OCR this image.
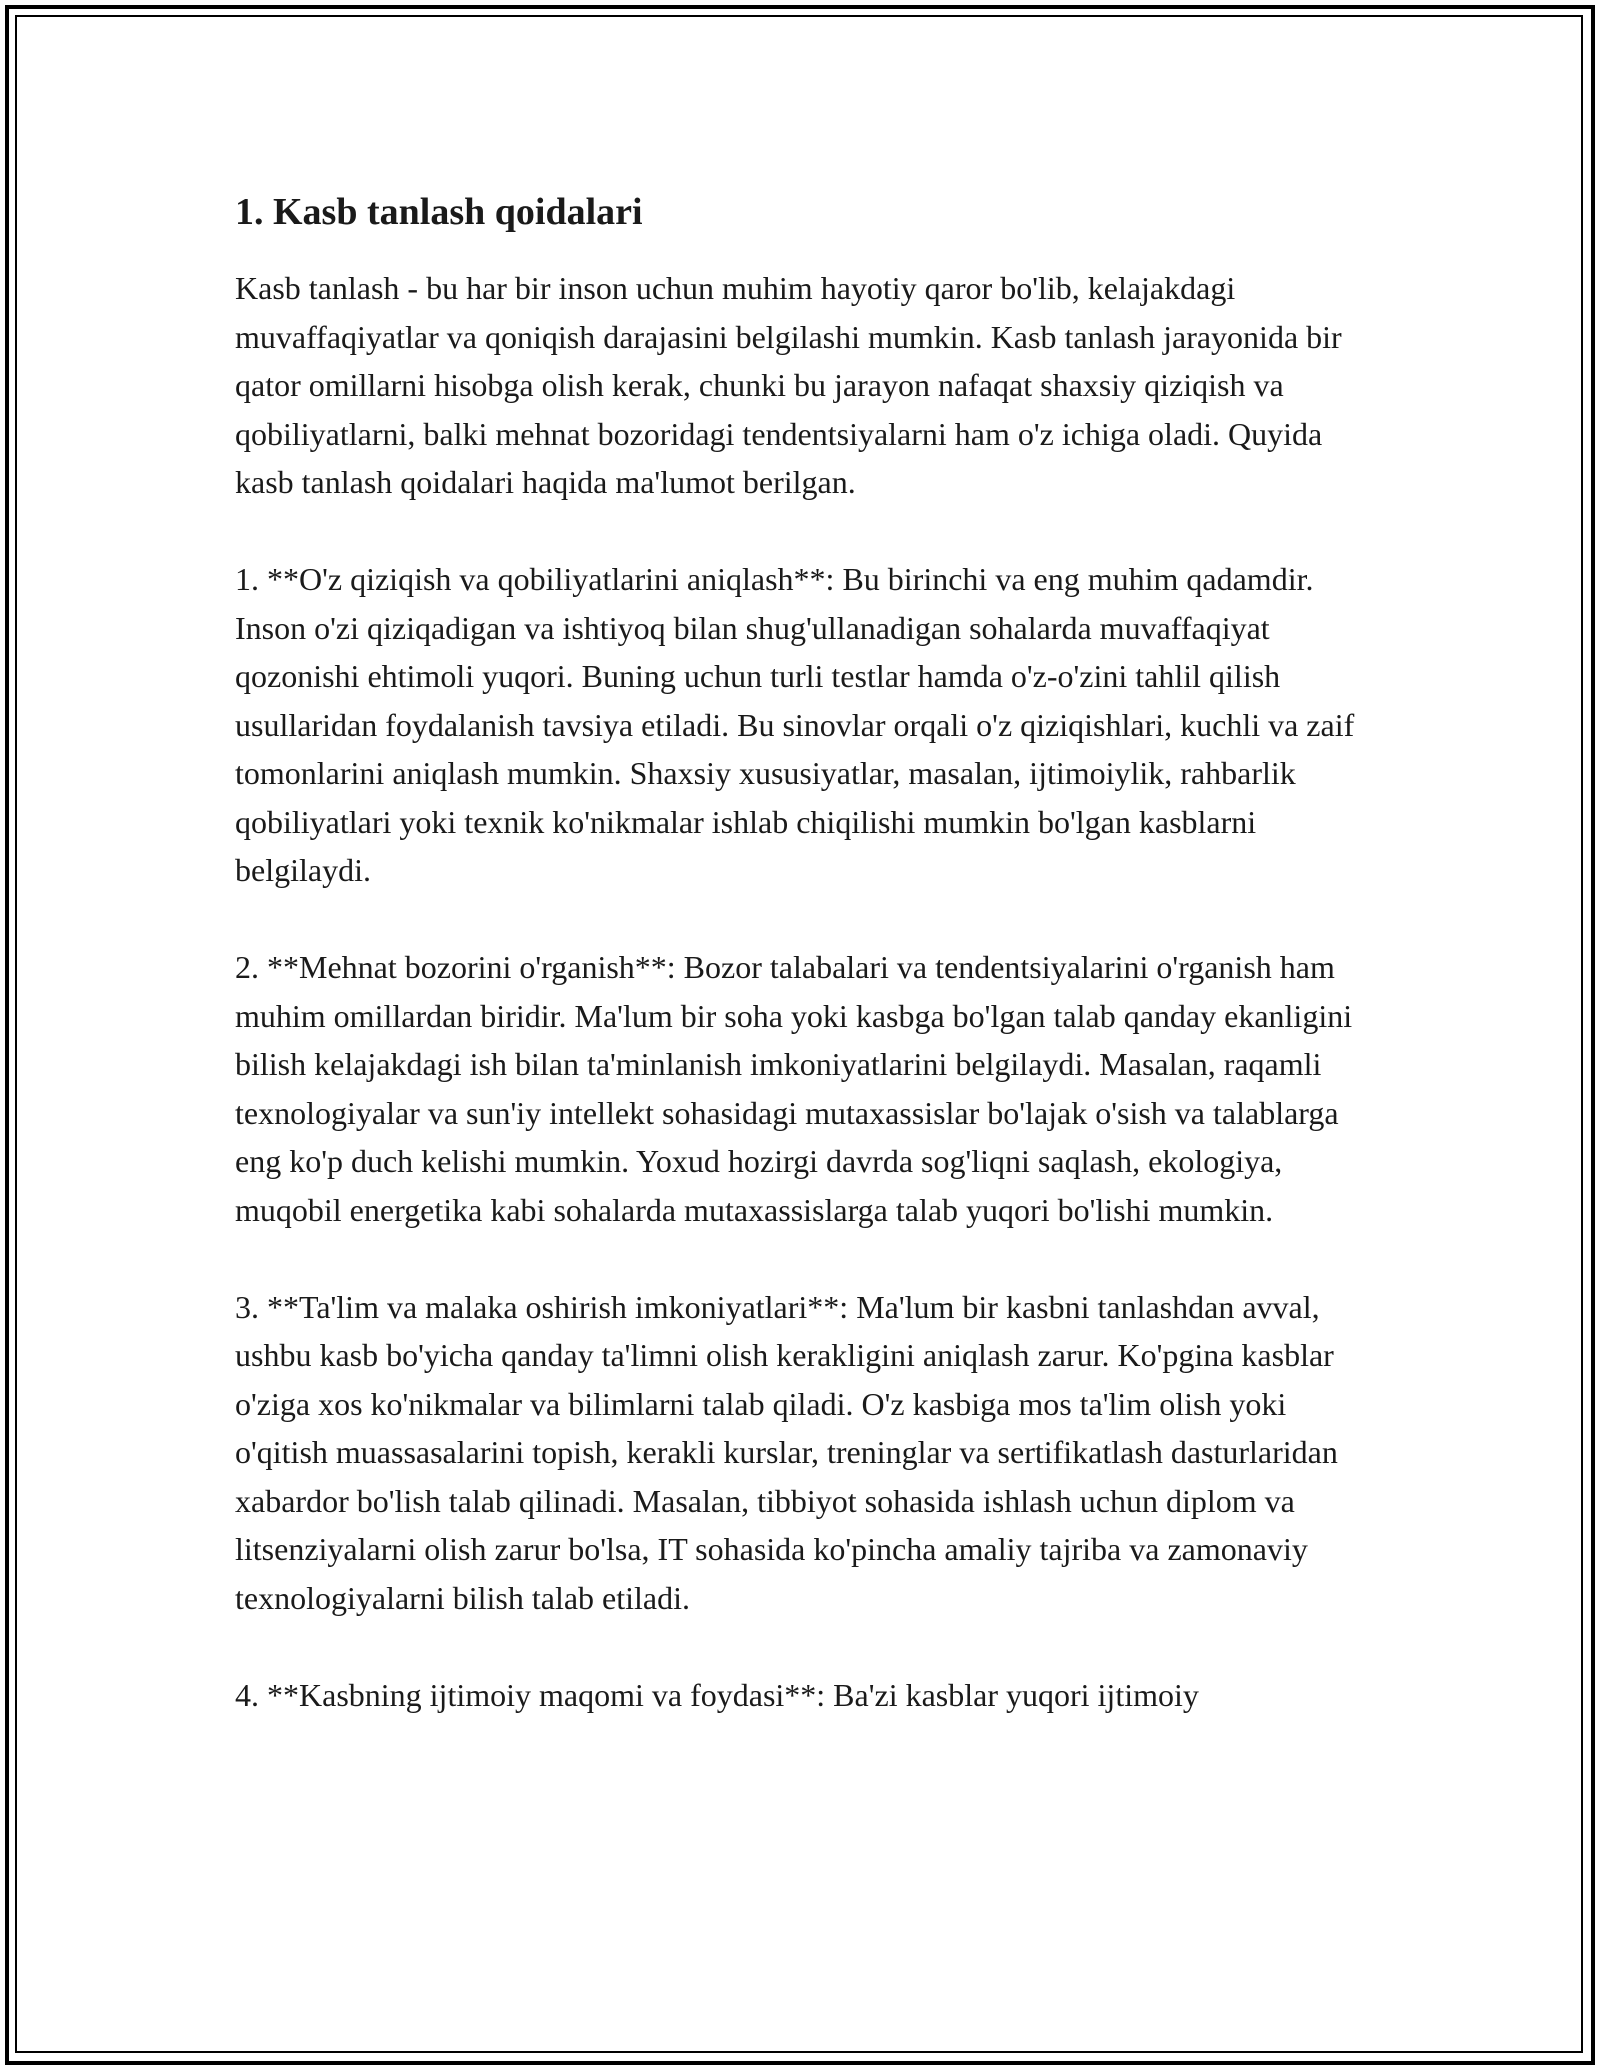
1. Kasb tanlash qoidalari

Kasb tanlash - bu har bir inson uchun muhim hayotiy qaror bo'lib, kelajakdagi muvaffaqiyatlar va qoniqish darajasini belgilashi mumkin. Kasb tanlash jarayonida bir qator omillarni hisobga olish kerak, chunki bu jarayon nafaqat shaxsiy qiziqish va qobiliyatlarni, balki mehnat bozoridagi tendentsiyalarni ham o'z ichiga oladi. Quyida kasb tanlash qoidalari haqida ma'lumot berilgan.

1. **O'z qiziqish va qobiliyatlarini aniqlash**: Bu birinchi va eng muhim qadamdir. Inson o'zi qiziqadigan va ishtiyoq bilan shug'ullanadigan sohalarda muvaffaqiyat qozonishi ehtimoli yuqori. Buning uchun turli testlar hamda o'z-o'zini tahlil qilish usullaridan foydalanish tavsiya etiladi. Bu sinovlar orqali o'z qiziqishlari, kuchli va zaif tomonlarini aniqlash mumkin. Shaxsiy xususiyatlar, masalan, ijtimoiylik, rahbarlik qobiliyatlari yoki texnik ko'nikmalar ishlab chiqilishi mumkin bo'lgan kasblarni belgilaydi.

2. **Mehnat bozorini o'rganish**: Bozor talabalari va tendentsiyalarini o'rganish ham muhim omillardan biridir. Ma'lum bir soha yoki kasbga bo'lgan talab qanday ekanligini bilish kelajakdagi ish bilan ta'minlanish imkoniyatlarini belgilaydi. Masalan, raqamli texnologiyalar va sun'iy intellekt sohasidagi mutaxassislar bo'lajak o'sish va talablarga eng ko'p duch kelishi mumkin. Yoxud hozirgi davrda sog'liqni saqlash, ekologiya, muqobil energetika kabi sohalarda mutaxassislarga talab yuqori bo'lishi mumkin.

3. **Ta'lim va malaka oshirish imkoniyatlari**: Ma'lum bir kasbni tanlashdan avval, ushbu kasb bo'yicha qanday ta'limni olish kerakligini aniqlash zarur. Ko'pgina kasblar o'ziga xos ko'nikmalar va bilimlarni talab qiladi. O'z kasbiga mos ta'lim olish yoki o'qitish muassasalarini topish, kerakli kurslar, treninglar va sertifikatlash dasturlaridan xabardor bo'lish talab qilinadi. Masalan, tibbiyot sohasida ishlash uchun diplom va litsenziyalarni olish zarur bo'lsa, IT sohasida ko'pincha amaliy tajriba va zamonaviy texnologiyalarni bilish talab etiladi.

4. **Kasbning ijtimoiy maqomi va foydasi**: Ba'zi kasblar yuqori ijtimoiy
